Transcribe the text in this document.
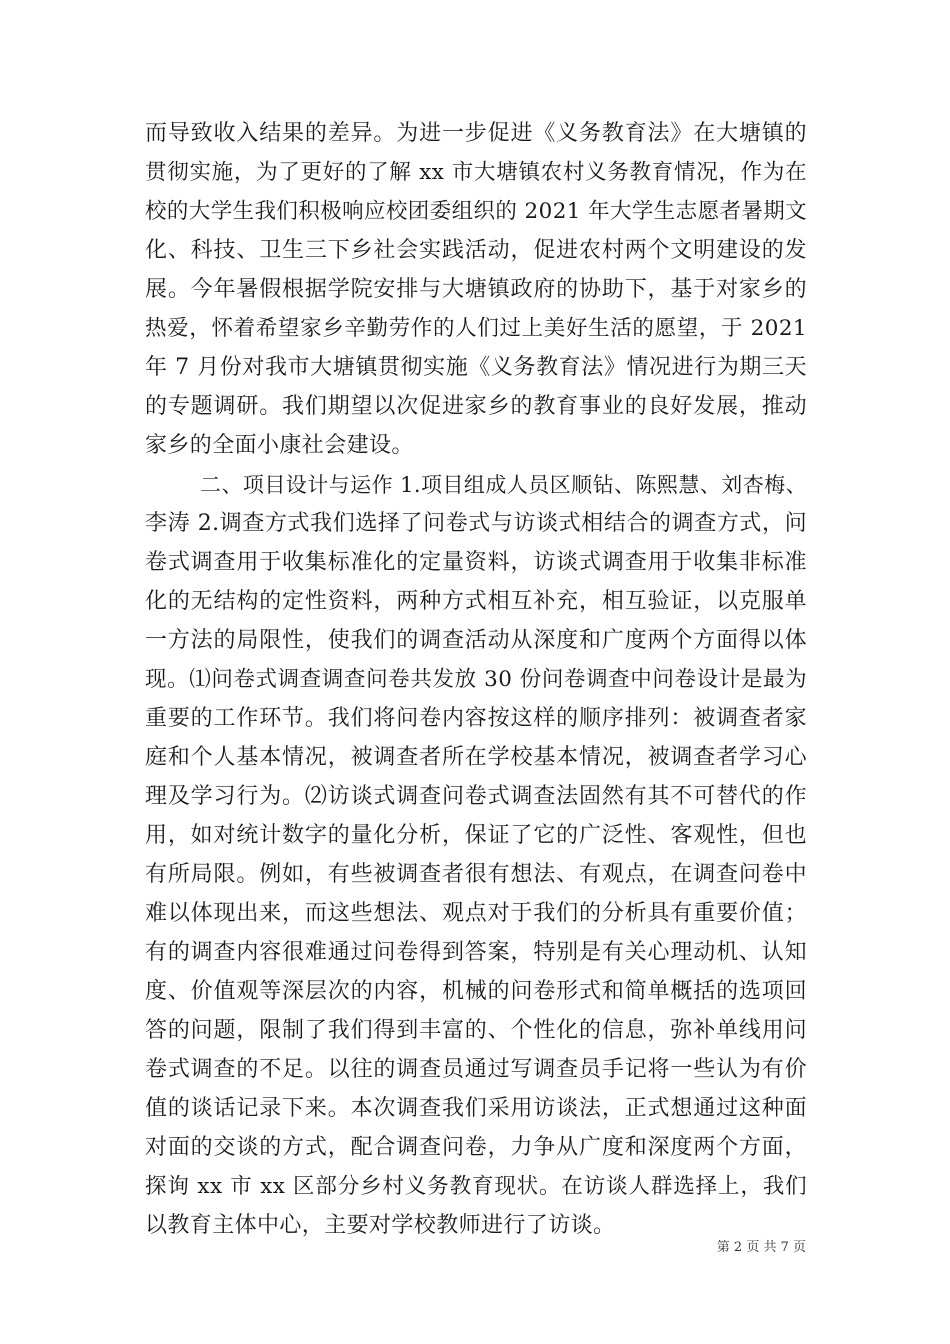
而导致收入结果的差异。为进一步促进《义务教育法》在大塘镇的
贯彻实施，为了更好的了解 xx 市大塘镇农村义务教育情况，作为在
校的大学生我们积极响应校团委组织的 2021 年大学生志愿者暑期文
化、科技、卫生三下乡社会实践活动，促进农村两个文明建设的发
展。今年暑假根据学院安排与大塘镇政府的协助下，基于对家乡的
热爱，怀着希望家乡辛勤劳作的人们过上美好生活的愿望，于 2021
年 7 月份对我市大塘镇贯彻实施《义务教育法》情况进行为期三天
的专题调研。我们期望以次促进家乡的教育事业的良好发展，推动
家乡的全面小康社会建设。
二、项目设计与运作 1.项目组成人员区顺钻、陈熙慧、刘杏梅、
李涛 2.调查方式我们选择了问卷式与访谈式相结合的调查方式，问
卷式调查用于收集标准化的定量资料，访谈式调查用于收集非标准
化的无结构的定性资料，两种方式相互补充，相互验证，以克服单
一方法的局限性，使我们的调查活动从深度和广度两个方面得以体
现。⑴问卷式调查调查问卷共发放 30 份问卷调查中问卷设计是最为
重要的工作环节。我们将问卷内容按这样的顺序排列：被调查者家
庭和个人基本情况，被调查者所在学校基本情况，被调查者学习心
理及学习行为。⑵访谈式调查问卷式调查法固然有其不可替代的作
用，如对统计数字的量化分析，保证了它的广泛性、客观性，但也
有所局限。例如，有些被调查者很有想法、有观点，在调查问卷中
难以体现出来，而这些想法、观点对于我们的分析具有重要价值；
有的调查内容很难通过问卷得到答案，特别是有关心理动机、认知
度、价值观等深层次的内容，机械的问卷形式和简单概括的选项回
答的问题，限制了我们得到丰富的、个性化的信息，弥补单线用问
卷式调查的不足。以往的调查员通过写调查员手记将一些认为有价
值的谈话记录下来。本次调查我们采用访谈法，正式想通过这种面
对面的交谈的方式，配合调查问卷，力争从广度和深度两个方面，
探询 xx 市 xx 区部分乡村义务教育现状。在访谈人群选择上，我们
以教育主体中心，主要对学校教师进行了访谈。
第 2 页 共 7 页
